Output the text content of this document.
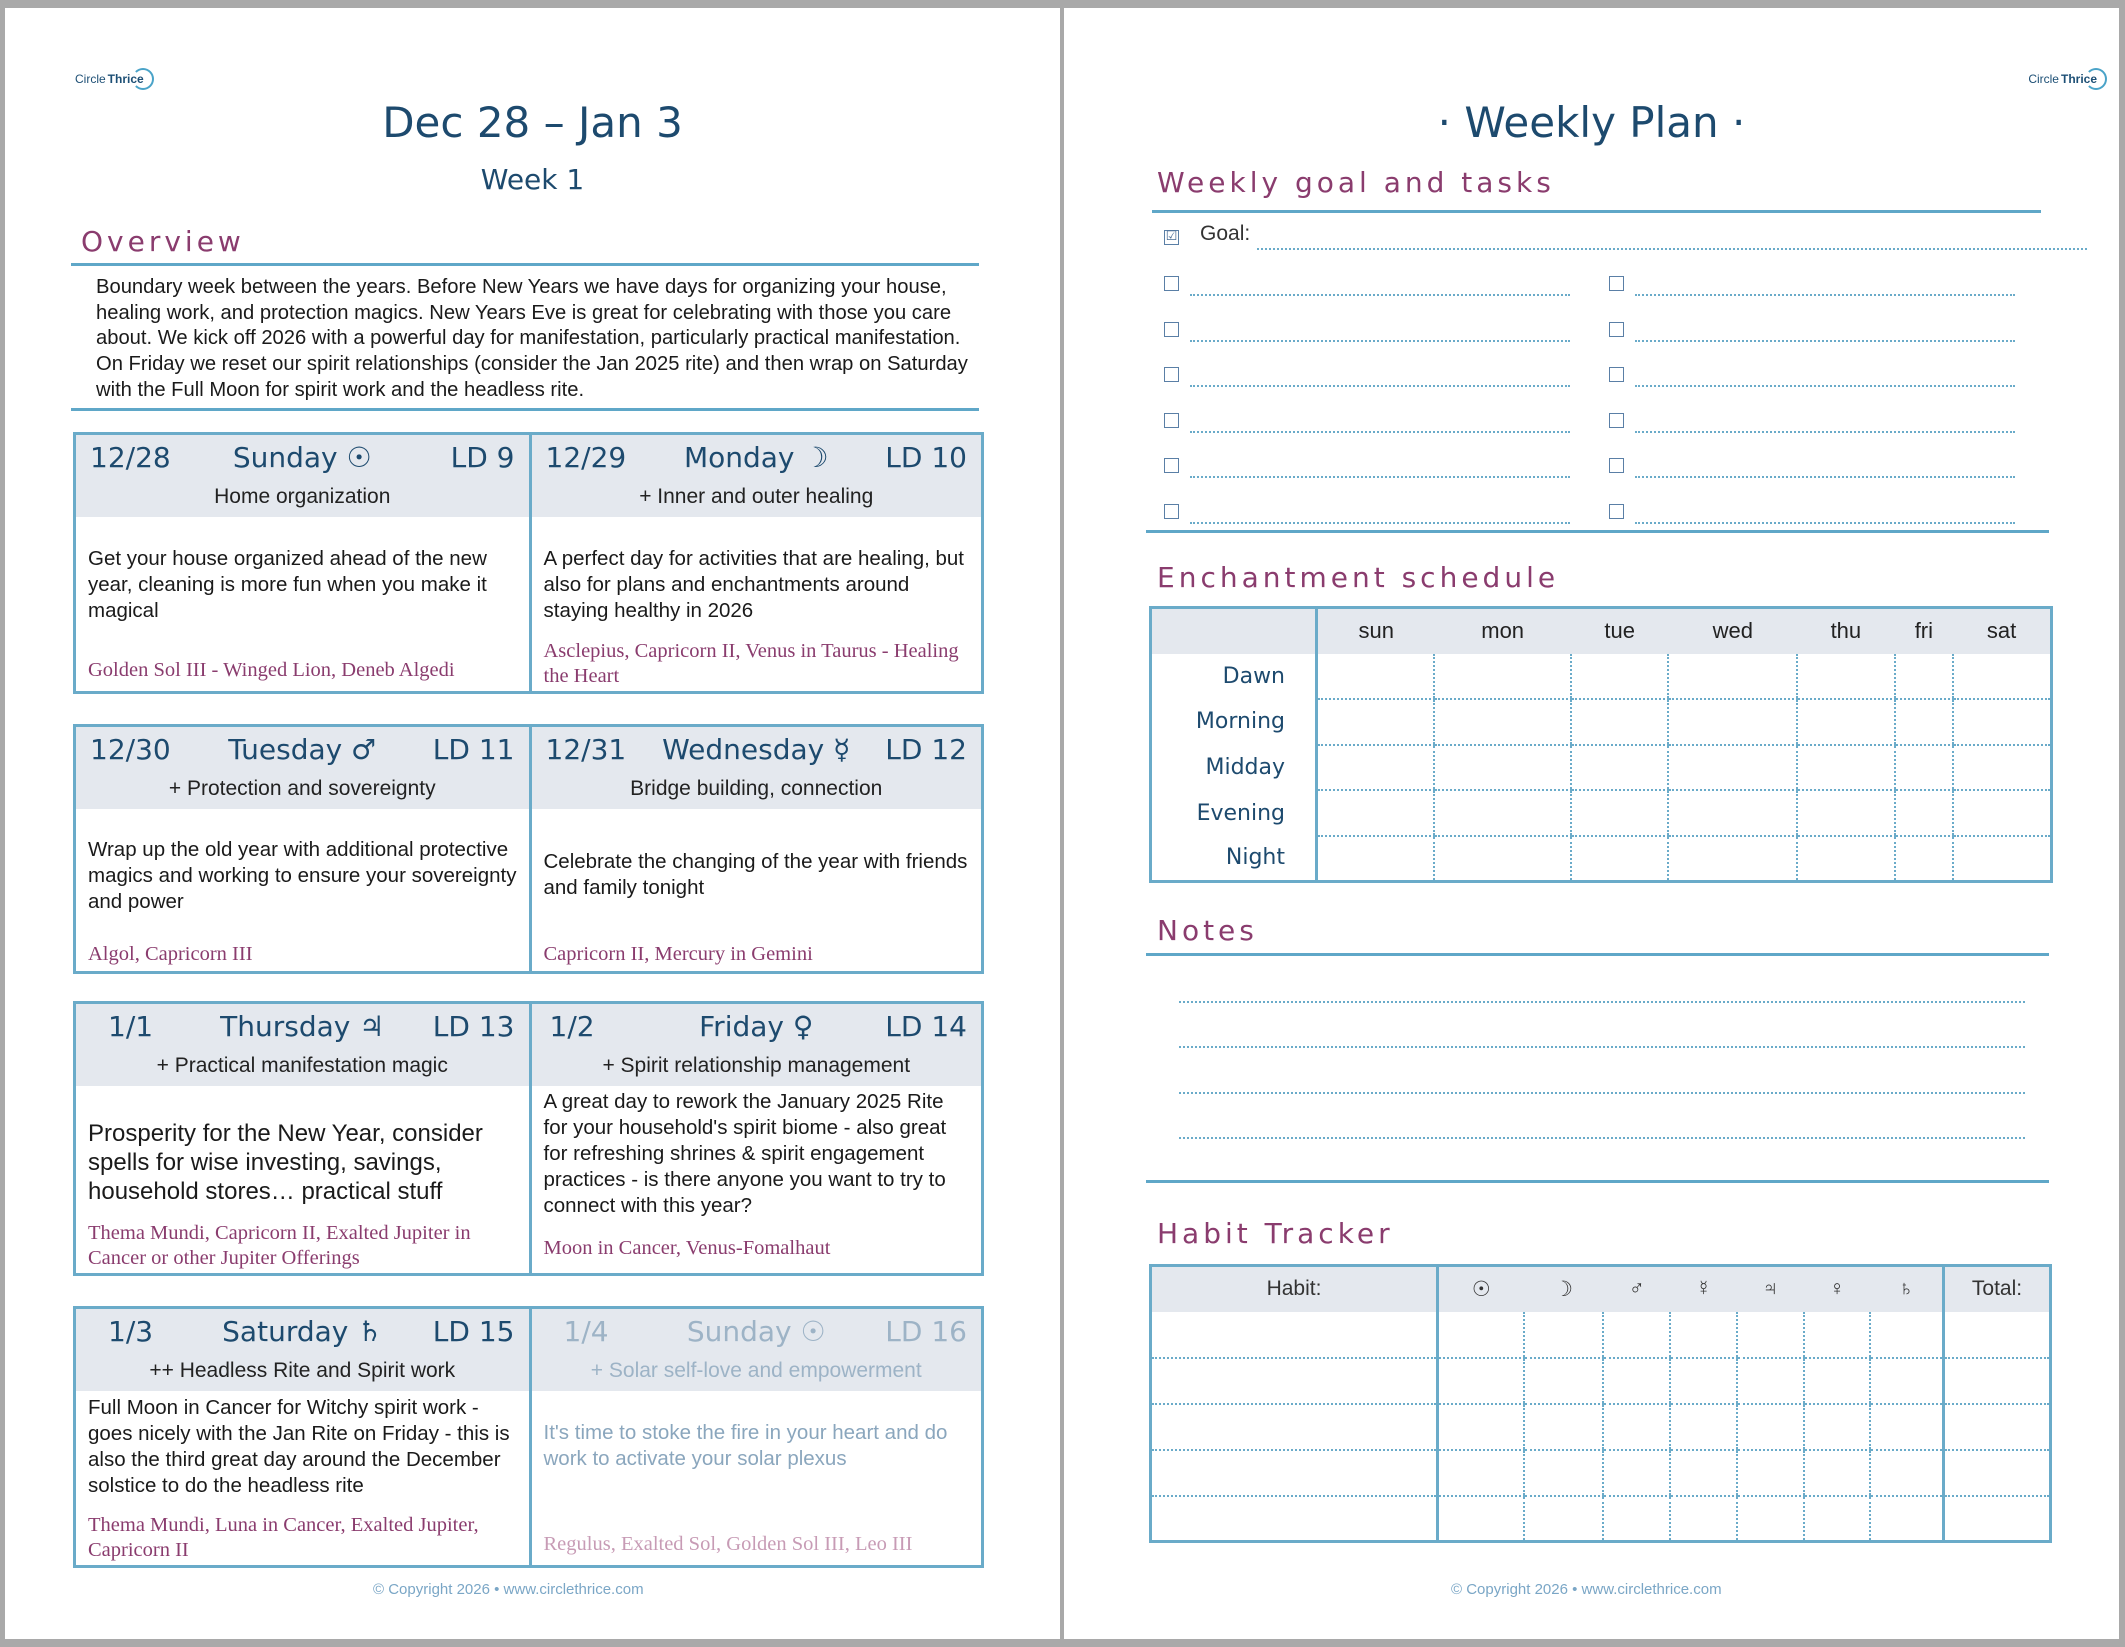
Circle Thrice
Dec 28 – Jan 3
Week 1
Overview
Boundary week between the years. Before New Years we have days for organizing your house, healing work, and protection magics. New Years Eve is great for celebrating with those you care about. We kick off 2026 with a powerful day for manifestation, particularly practical manifestation. On Friday we reset our spirit relationships (consider the Jan 2025 rite) and then wrap on Saturday with the Full Moon for spirit work and the headless rite.
12/28	Sunday ☉	LD 9
Home organization
Get your house organized ahead of the new year, cleaning is more fun when you make it magical
Golden Sol III - Winged Lion, Deneb Algedi
12/29	Monday ☽	LD 10
+ Inner and outer healing
A perfect day for activities that are healing, but also for plans and enchantments around staying healthy in 2026
Asclepius, Capricorn II, Venus in Taurus - Healing the Heart
12/30	Tuesday ♂	LD 11
+ Protection and sovereignty
Wrap up the old year with additional protective magics and working to ensure your sovereignty and power
Algol, Capricorn III
12/31	Wednesday ☿	LD 12
Bridge building, connection
Celebrate the changing of the year with friends and family tonight
Capricorn II, Mercury in Gemini
1/1	Thursday ♃	LD 13
+ Practical manifestation magic
Prosperity for the New Year, consider spells for wise investing, savings, household stores… practical stuff
Thema Mundi, Capricorn II, Exalted Jupiter in Cancer or other Jupiter Offerings
1/2	Friday ♀	LD 14
+ Spirit relationship management
A great day to rework the January 2025 Rite for your household's spirit biome - also great for refreshing shrines & spirit engagement practices - is there anyone you want to try to connect with this year?
Moon in Cancer, Venus-Fomalhaut
1/3	Saturday ♄	LD 15
++ Headless Rite and Spirit work
Full Moon in Cancer for Witchy spirit work - goes nicely with the Jan Rite on Friday - this is also the third great day around the December solstice to do the headless rite
Thema Mundi, Luna in Cancer, Exalted Jupiter, Capricorn II
1/4	Sunday ☉	LD 16
+ Solar self-love and empowerment
It's time to stoke the fire in your heart and do work to activate your solar plexus
Regulus, Exalted Sol, Golden Sol III, Leo III
© Copyright 2026 • www.circlethrice.com
Circle Thrice
· Weekly Plan ·
Weekly goal and tasks
☑ Goal:
Enchantment schedule
	sun	mon	tue	wed	thu	fri	sat
Dawn							
Morning							
Midday							
Evening							
Night							
Notes
Habit Tracker
Habit:	☉	☽	♂	☿	♃	♀	♄	Total:

© Copyright 2026 • www.circlethrice.com
